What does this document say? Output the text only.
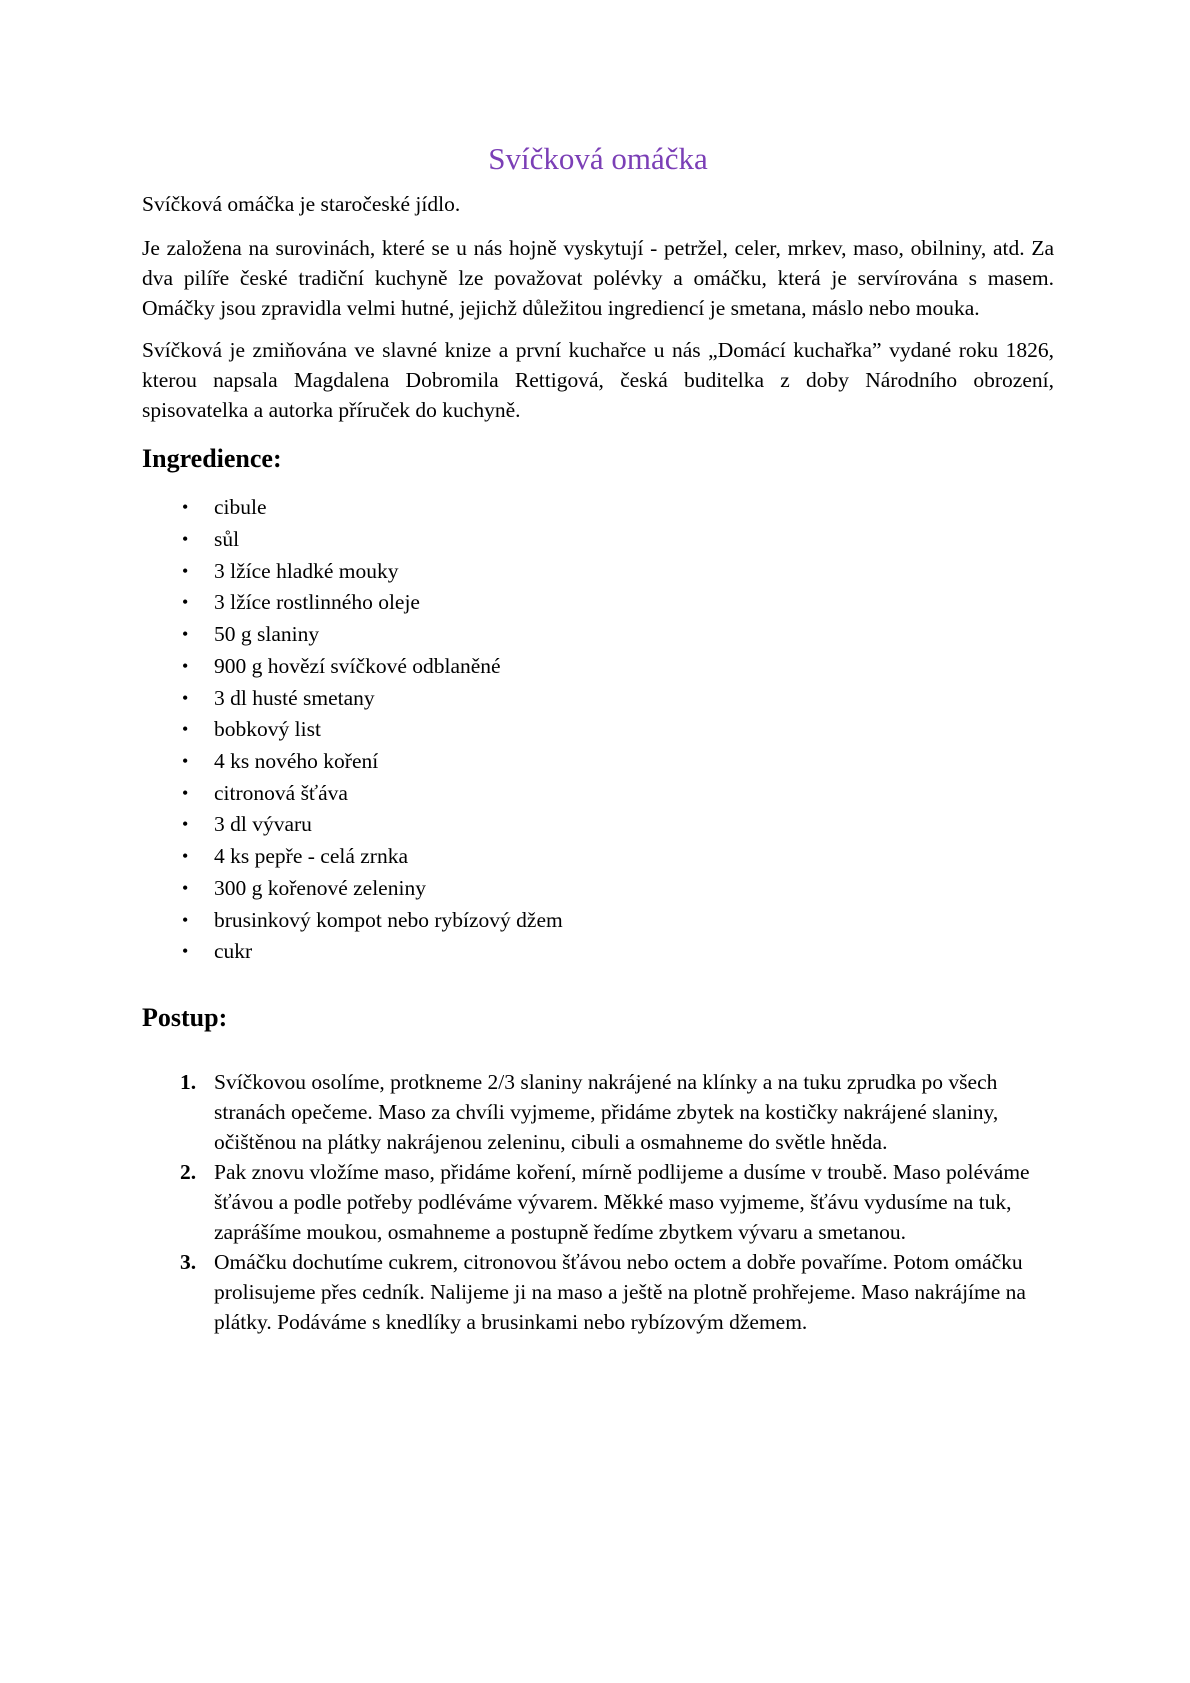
Svíčková omáčka

Svíčková omáčka je staročeské jídlo.

Je založena na surovinách, které se u nás hojně vyskytují - petržel, celer, mrkev, maso, obilniny, atd. Za dva pilíře české tradiční kuchyně lze považovat polévky a omáčku, která je servírována s masem. Omáčky jsou zpravidla velmi hutné, jejichž důležitou ingrediencí je smetana, máslo nebo mouka.

Svíčková je zmiňována ve slavné knize a první kuchařce u nás „Domácí kuchařka” vydané roku 1826, kterou napsala Magdalena Dobromila Rettigová, česká buditelka z doby Národního obrození, spisovatelka a autorka příruček do kuchyně.

Ingredience:
• cibule
• sůl
• 3 lžíce hladké mouky
• 3 lžíce rostlinného oleje
• 50 g slaniny
• 900 g hovězí svíčkové odblaněné
• 3 dl husté smetany
• bobkový list
• 4 ks nového koření
• citronová šťáva
• 3 dl vývaru
• 4 ks pepře - celá zrnka
• 300 g kořenové zeleniny
• brusinkový kompot nebo rybízový džem
• cukr
Postup:
1. Svíčkovou osolíme, protkneme 2/3 slaniny nakrájené na klínky a na tuku zprudka po všech stranách opečeme. Maso za chvíli vyjmeme, přidáme zbytek na kostičky nakrájené slaniny, očištěnou na plátky nakrájenou zeleninu, cibuli a osmahneme do světle hněda.
2. Pak znovu vložíme maso, přidáme koření, mírně podlijeme a dusíme v troubě. Maso poléváme šťávou a podle potřeby podléváme vývarem. Měkké maso vyjmeme, šťávu vydusíme na tuk, zaprášíme moukou, osmahneme a postupně ředíme zbytkem vývaru a smetanou.
3. Omáčku dochutíme cukrem, citronovou šťávou nebo octem a dobře povaříme. Potom omáčku prolisujeme přes cedník. Nalijeme ji na maso a ještě na plotně prohřejeme. Maso nakrájíme na plátky. Podáváme s knedlíky a brusinkami nebo rybízovým džemem.
